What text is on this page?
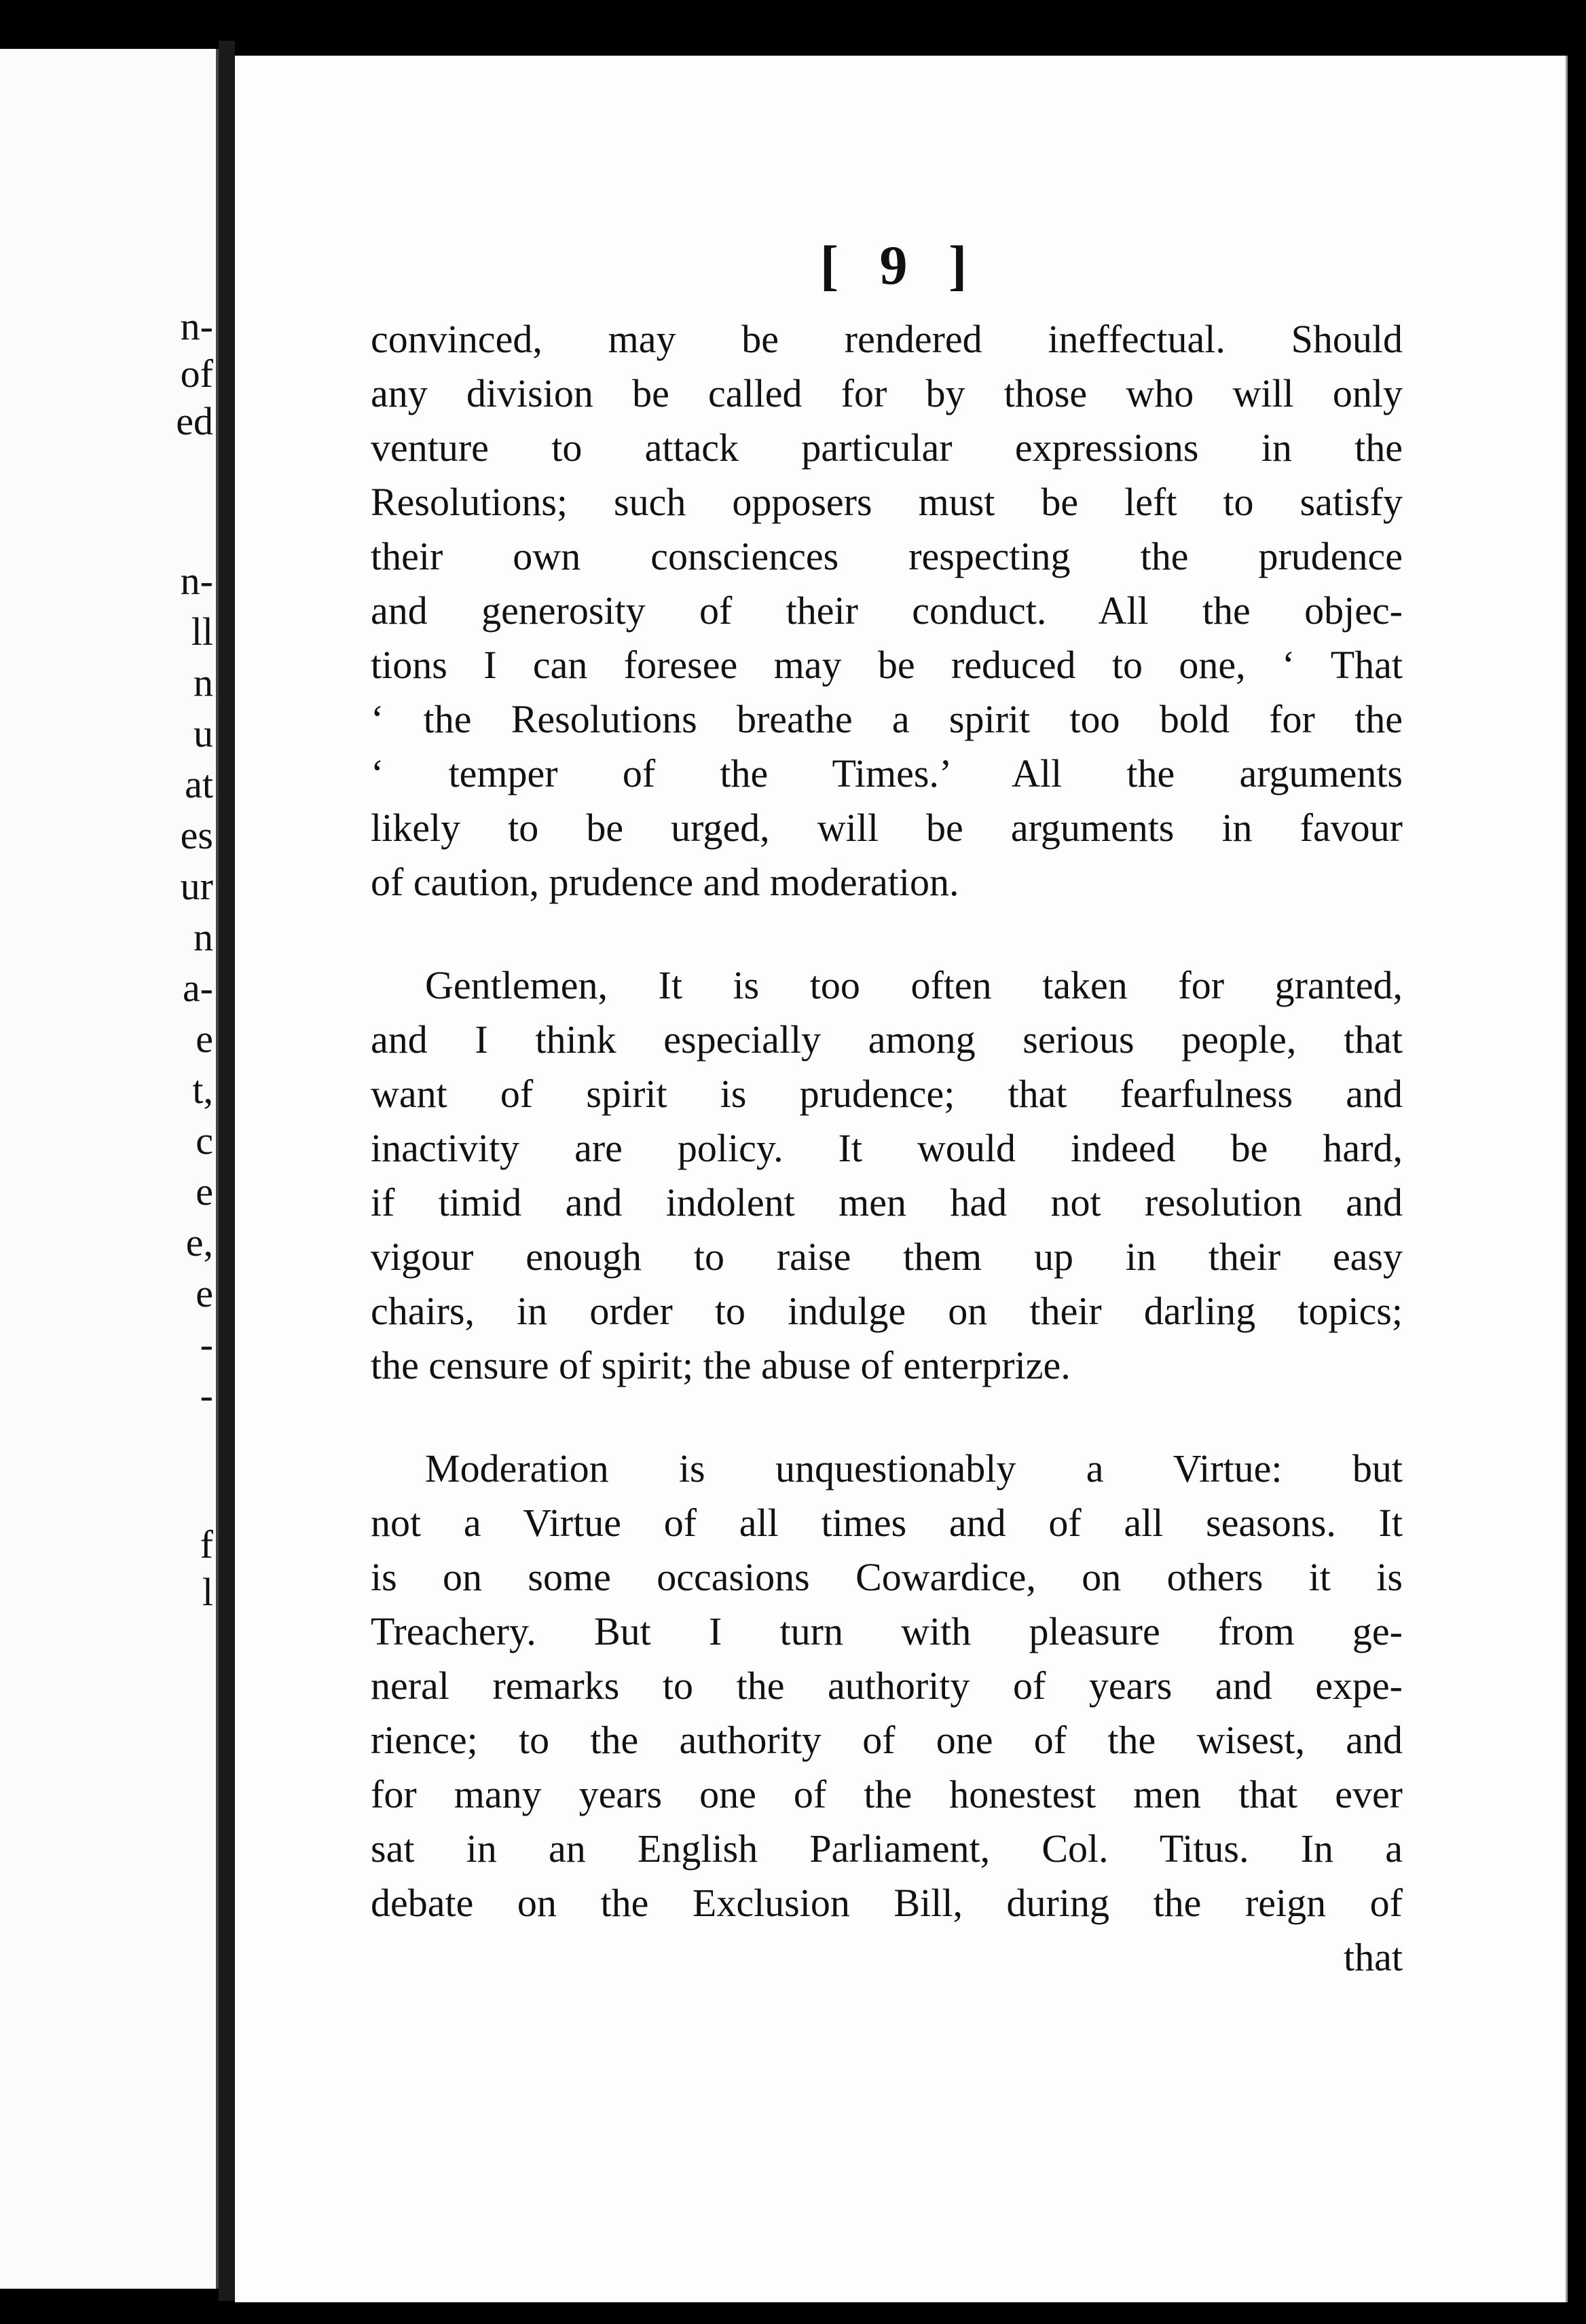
n-
of
ed
n-
ll
n
u
at
es
ur
n
a-
e
t,
c
e
e,
e
-
-
f
l
[ 9 ]
convinced, may be rendered ineffectual. Should
any division be called for by those who will only
venture to attack particular expressions in the
Resolutions; such opposers must be left to satisfy
their own consciences respecting the prudence
and generosity of their conduct. All the objec-
tions I can foresee may be reduced to one, ‘ That
‘ the Resolutions breathe a spirit too bold for the
‘ temper of the Times.’ All the arguments
likely to be urged, will be arguments in favour
of caution, prudence and moderation.
Gentlemen, It is too often taken for granted,
and I think especially among serious people, that
want of spirit is prudence; that fearfulness and
inactivity are policy. It would indeed be hard,
if timid and indolent men had not resolution and
vigour enough to raise them up in their easy
chairs, in order to indulge on their darling topics;
the censure of spirit; the abuse of enterprize.
Moderation is unquestionably a Virtue: but
not a Virtue of all times and of all seasons. It
is on some occasions Cowardice, on others it is
Treachery. But I turn with pleasure from ge-
neral remarks to the authority of years and expe-
rience; to the authority of one of the wisest, and
for many years one of the honestest men that ever
sat in an English Parliament, Col. Titus. In a
debate on the Exclusion Bill, during the reign of
that
